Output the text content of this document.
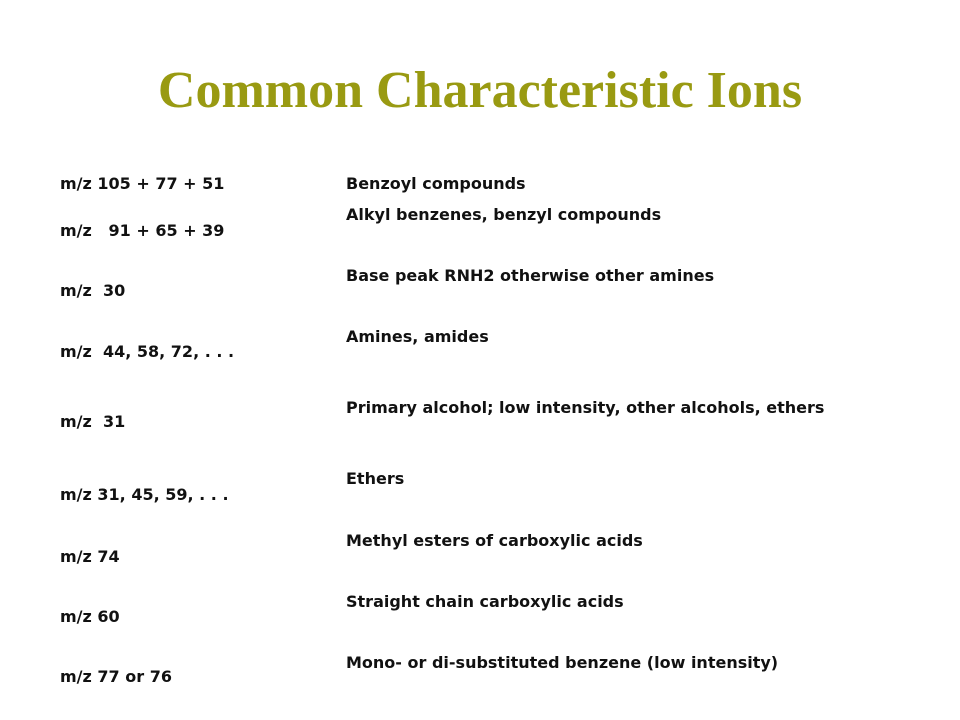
Common Characteristic Ions

m/z 105 + 77 + 51	Benzoyl compounds

m/z   91 + 65 + 39

Alkyl benzenes, benzyl compounds

m/z  30

Base peak RNH2 otherwise other amines

m/z  44, 58, 72, . . .

Amines, amides

m/z  31

Primary alcohol; low intensity, other alcohols, ethers

m/z 31, 45, 59, . . .

Ethers

m/z 74

Methyl esters of carboxylic acids

m/z 60

Straight chain carboxylic acids

m/z 77 or 76

Mono- or di-substituted benzene (low intensity)
